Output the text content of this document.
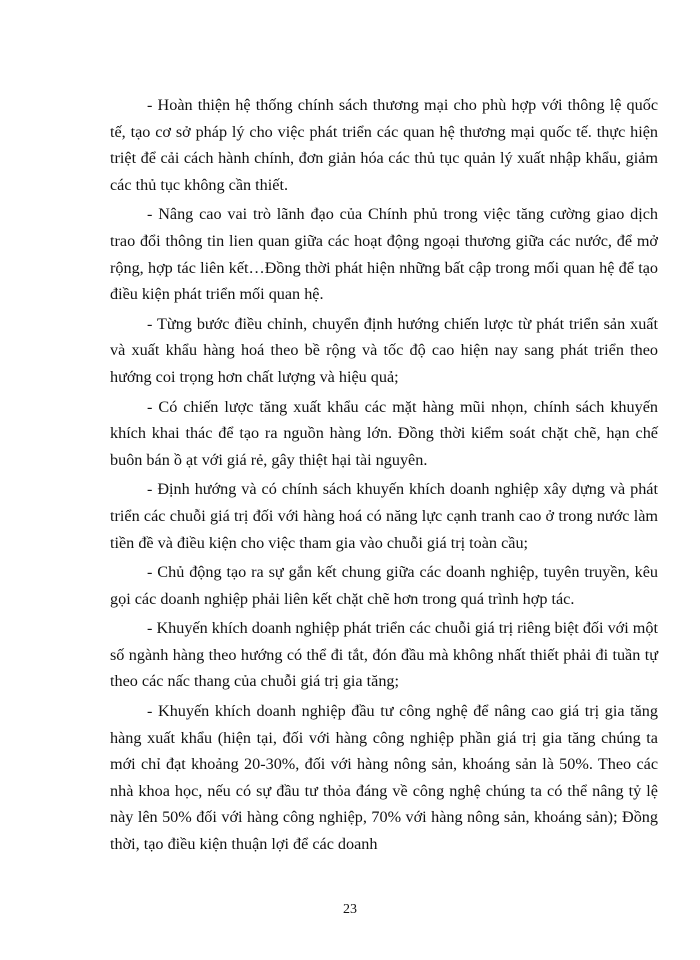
- Hoàn thiện hệ thống chính sách thương mại cho phù hợp với thông lệ quốc tế, tạo cơ sở pháp lý cho việc phát triển các quan hệ thương mại quốc tế. thực hiện triệt để cải cách hành chính, đơn giản hóa các thủ tục quản lý xuất nhập khẩu, giảm các thủ tục không cần thiết.

- Nâng cao vai trò lãnh đạo của Chính phủ trong việc tăng cường giao dịch trao đổi thông tin lien quan giữa các hoạt động ngoại thương giữa các nước, để mở rộng, hợp tác liên kết…Đồng thời phát hiện những bất cập trong mối quan hệ để tạo điều kiện phát triển mối quan hệ.

- Từng bước điều chỉnh, chuyển định hướng chiến lược từ phát triển sản xuất và xuất khẩu hàng hoá theo bề rộng và tốc độ cao hiện nay sang phát triển theo hướng coi trọng hơn chất lượng và hiệu quả;

- Có chiến lược tăng xuất khẩu các mặt hàng mũi nhọn, chính sách khuyến khích khai thác để tạo ra nguồn hàng lớn. Đồng thời kiểm soát chặt chẽ, hạn chế buôn bán ồ ạt với giá rẻ, gây thiệt hại tài nguyên.

- Định hướng và có chính sách khuyến khích doanh nghiệp xây dựng và phát triển các chuỗi giá trị đối với hàng hoá có năng lực cạnh tranh cao ở trong nước làm tiền đề và điều kiện cho việc tham gia vào chuỗi giá trị toàn cầu;

- Chủ động tạo ra sự gắn kết chung giữa các doanh nghiệp, tuyên truyền, kêu gọi các doanh nghiệp phải liên kết chặt chẽ hơn trong quá trình hợp tác.

- Khuyến khích doanh nghiệp phát triển các chuỗi giá trị riêng biệt đối với một số ngành hàng theo hướng có thể đi tắt, đón đầu mà không nhất thiết phải đi tuần tự theo các nấc thang của chuỗi giá trị gia tăng;

- Khuyến khích doanh nghiệp đầu tư công nghệ để nâng cao giá trị gia tăng hàng xuất khẩu (hiện tại, đối với hàng công nghiệp phần giá trị gia tăng chúng ta mới chỉ đạt khoảng 20-30%, đối với hàng nông sản, khoáng sản là 50%. Theo các nhà khoa học, nếu có sự đầu tư thỏa đáng về công nghệ chúng ta có thể nâng tỷ lệ này lên 50% đối với hàng công nghiệp, 70% với hàng nông sản, khoáng sản); Đồng thời, tạo điều kiện thuận lợi để các doanh

23
